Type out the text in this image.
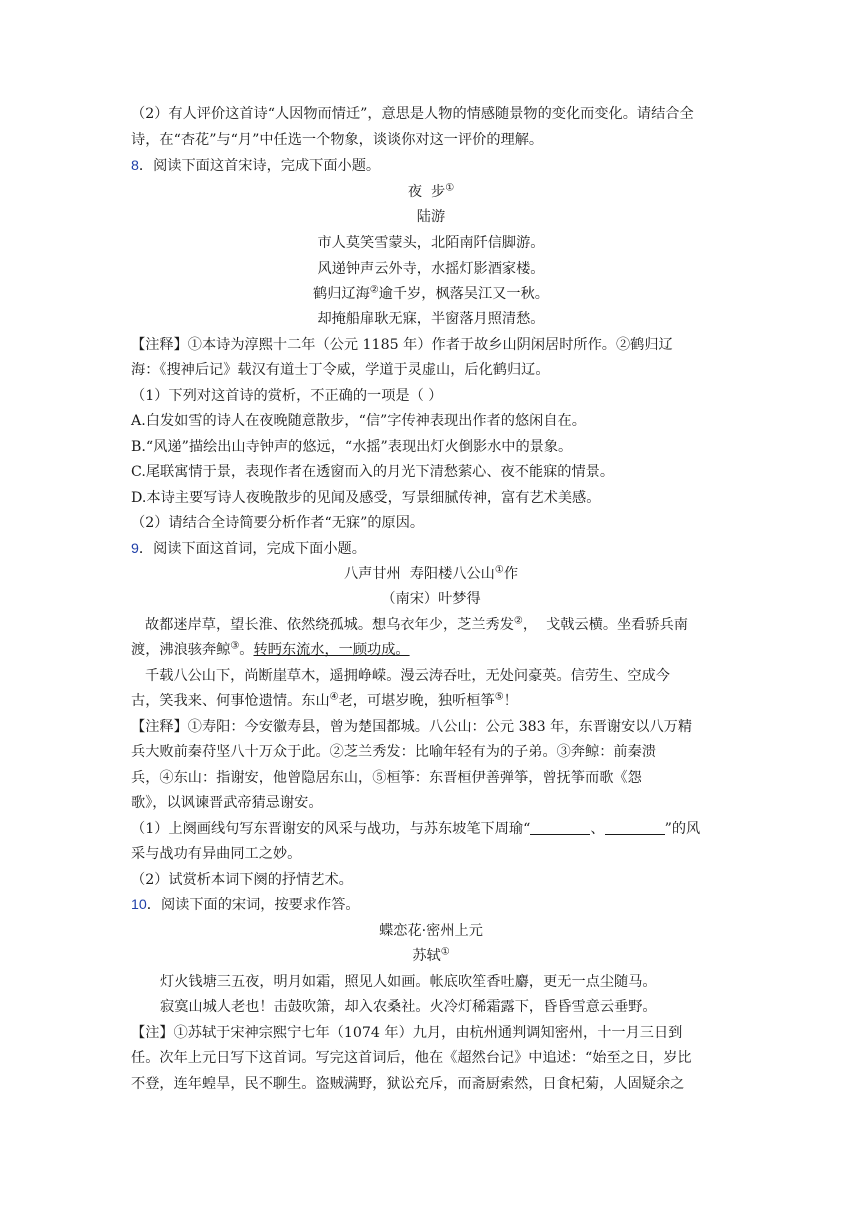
（2）有人评价这首诗“人因物而情迁”，意思是人物的情感随景物的变化而变化。请结合全
诗，在“杏花”与“月”中任选一个物象，谈谈你对这一评价的理解。
8．阅读下面这首宋诗，完成下面小题。
夜  步①
陆游
市人莫笑雪蒙头，北陌南阡信脚游。
风递钟声云外寺，水摇灯影酒家楼。
鹤归辽海②逾千岁，枫落吴江又一秋。
却掩船扉耿无寐，半窗落月照清愁。
【注释】①本诗为淳熙十二年（公元 1185 年）作者于故乡山阴闲居时所作。②鹤归辽
海：《搜神后记》载汉有道士丁令威，学道于灵虚山，后化鹤归辽。
（1）下列对这首诗的赏析，不正确的一项是（ ）
A.白发如雪的诗人在夜晚随意散步，“信”字传神表现出作者的悠闲自在。
B.“风递”描绘出山寺钟声的悠远，“水摇”表现出灯火倒影水中的景象。
C.尾联寓情于景，表现作者在透窗而入的月光下清愁萦心、夜不能寐的情景。
D.本诗主要写诗人夜晚散步的见闻及感受，写景细腻传神，富有艺术美感。
（2）请结合全诗简要分析作者“无寐”的原因。
9．阅读下面这首词，完成下面小题。
八声甘州  寿阳楼八公山①作
（南宋）叶梦得
故都迷岸草，望长淮、依然绕孤城。想乌衣年少，芝兰秀发②，  戈戟云横。坐看骄兵南
渡，沸浪骇奔鲸③。转眄东流水，一顾功成。
千载八公山下，尚断崖草木，遥拥峥嵘。漫云涛吞吐，无处问豪英。信劳生、空成今
古，笑我来、何事怆遗情。东山④老，可堪岁晚，独听桓筝⑤！
【注释】①寿阳：今安徽寿县，曾为楚国都城。八公山：公元 383 年，东晋谢安以八万精
兵大败前秦苻坚八十万众于此。②芝兰秀发：比喻年轻有为的子弟。③奔鲸：前秦溃
兵，④东山：指谢安，他曾隐居东山，⑤桓筝：东晋桓伊善弹筝，曾抚筝而歌《怨
歌》，以讽谏晋武帝猜忌谢安。
（1）上阕画线句写东晋谢安的风采与战功，与苏东坡笔下周瑜“	、	”的风
采与战功有异曲同工之妙。
（2）试赏析本词下阕的抒情艺术。
10．阅读下面的宋词，按要求作答。
蝶恋花·密州上元
苏轼①
灯火钱塘三五夜，明月如霜，照见人如画。帐底吹笙香吐麝，更无一点尘随马。
寂寞山城人老也！击鼓吹箫，却入农桑社。火冷灯稀霜露下，昏昏雪意云垂野。
【注】①苏轼于宋神宗熙宁七年（1074 年）九月，由杭州通判调知密州，十一月三日到
任。次年上元日写下这首词。写完这首词后，他在《超然台记》中追述：“始至之日，岁比
不登，连年蝗旱，民不聊生。盗贼满野，狱讼充斥，而斋厨索然，日食杞菊，人固疑余之
